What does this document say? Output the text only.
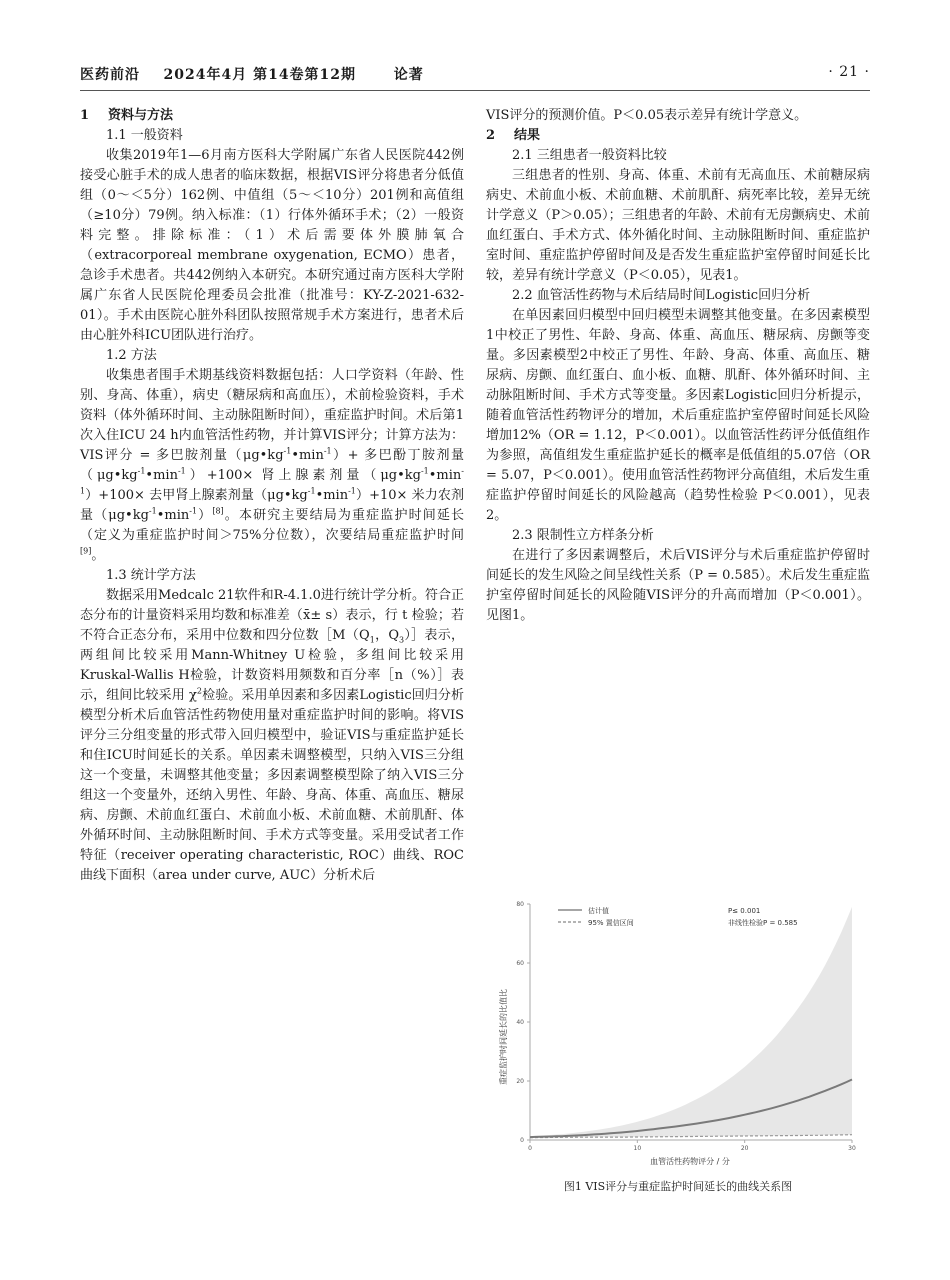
医药前沿 2024年4月 第14卷第12期	论著	· 21 ·

1 资料与方法

1.1 一般资料

收集2019年1—6月南方医科大学附属广东省人民医院442例接受心脏手术的成人患者的临床数据，根据VIS评分将患者分低值组（0～＜5分）162例、中值组（5～＜10分）201例和高值组（≥10分）79例。纳入标准：（1）行体外循环手术；（2）一般资料完整。排除标准：（1）术后需要体外膜肺氧合（extracorporeal membrane oxygenation, ECMO）患者，急诊手术患者。共442例纳入本研究。本研究通过南方医科大学附属广东省人民医院伦理委员会批准（批准号：KY-Z-2021-632-01）。手术由医院心脏外科团队按照常规手术方案进行，患者术后由心脏外科ICU团队进行治疗。

1.2 方法

收集患者围手术期基线资料数据包括：人口学资料（年龄、性别、身高、体重），病史（糖尿病和高血压），术前检验资料，手术资料（体外循环时间、主动脉阻断时间），重症监护时间。术后第1次入住ICU 24 h内血管活性药物，并计算VIS评分；计算方法为：VIS评分 = 多巴胺剂量$(\mu g•kg^{-1}•\min^{-1})+$ 多巴酚丁胺剂量$(\mu g•kg^{-1}•\min^{-1})+100\times$ 肾上腺素剂量$(\mu g•kg^{-1}•\min^{-1})+100\times$ 去甲肾上腺素剂量$(\mu g•kg^{-1}•\min^{-1})+10\times$ 米力农剂量$(\mu g•kg^{-1}•\min^{-1})[8]$。本研究主要结局为重症监护时间延长（定义为重症监护时间＞75%分位数），次要结局重症监护时间[9]。

1.3 统计学方法

数据采用Medcalc 21软件和R-4.1.0进行统计学分析。符合正态分布的计量资料采用均数和标准差（x̄± s）表示，行 t 检验；若不符合正态分布，采用中位数和四分位数$[M(Q_1$，$Q_3)]$表示，两组间比较采用Mann-Whitney U检验，多组间比较采用Kruskal-Wallis H检验，计数资料用频数和百分率［n（%）］表示，组间比较采用 $\chi^2$检验。采用单因素和多因素Logistic回归分析模型分析术后血管活性药物使用量对重症监护时间的影响。将VIS评分三分组变量的形式带入回归模型中，验证VIS与重症监护延长和住ICU时间延长的关系。单因素未调整模型，只纳入VIS三分组这一个变量，未调整其他变量；多因素调整模型除了纳入VIS三分组这一个变量外，还纳入男性、年龄、身高、体重、高血压、糖尿病、房颤、术前血红蛋白、术前血小板、术前血糖、术前肌酐、体外循环时间、主动脉阻断时间、手术方式等变量。采用受试者工作特征（receiver operating characteristic, ROC）曲线、ROC曲线下面积（area under curve, AUC）分析术后

VIS评分的预测价值。P＜0.05表示差异有统计学意义。

2 结果

2.1 三组患者一般资料比较

三组患者的性别、身高、体重、术前有无高血压、术前糖尿病病史、术前血小板、术前血糖、术前肌酐、病死率比较，差异无统计学意义（P＞0.05）；三组患者的年龄、术前有无房颤病史、术前血红蛋白、手术方式、体外循化时间、主动脉阻断时间、重症监护室时间、重症监护停留时间及是否发生重症监护室停留时间延长比较，差异有统计学意义（P＜0.05），见表1。

2.2 血管活性药物与术后结局时间Logistic回归分析

在单因素回归模型中回归模型未调整其他变量。在多因素模型1中校正了男性、年龄、身高、体重、高血压、糖尿病、房颤等变量。多因素模型2中校正了男性、年龄、身高、体重、高血压、糖尿病、房颤、血红蛋白、血小板、血糖、肌酐、体外循环时间、主动脉阻断时间、手术方式等变量。多因素Logistic回归分析提示，随着血管活性药物评分的增加，术后重症监护室停留时间延长风险增加12%（OR = 1.12，P＜0.001）。以血管活性药评分低值组作为参照，高值组发生重症监护延长的概率是低值组的5.07倍（OR = 5.07，P＜0.001）。使用血管活性药物评分高值组，术后发生重症监护停留时间延长的风险越高（趋势性检验 P＜0.001），见表2。

2.3 限制性立方样条分析

在进行了多因素调整后，术后VIS评分与术后重症监护停留时间延长的发生风险之间呈线性关系（P = 0.585）。术后发生重症监护室停留时间延长的风险随VIS评分的升高而增加（P＜0.001）。见图1。

0
20
40
60
80
0	10	20	30
估计值
95% 置信区间
P≤ 0.001
非线性检验P = 0.585
重症监护时间延长的比值比
血管活性药物评分 / 分
图1 VIS评分与重症监护时间延长的曲线关系图
